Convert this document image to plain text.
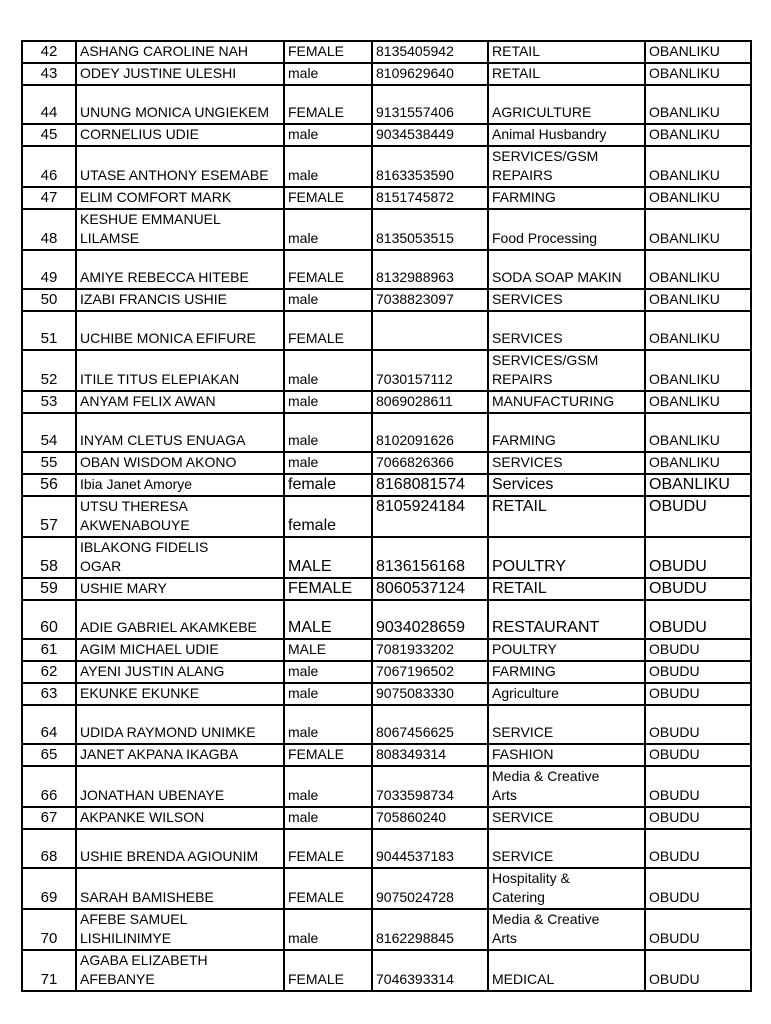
42	ASHANG CAROLINE NAH	FEMALE	8135405942	RETAIL	OBANLIKU
43	ODEY JUSTINE ULESHI	male	8109629640	RETAIL	OBANLIKU
44	UNUNG MONICA UNGIEKEM	FEMALE	9131557406	AGRICULTURE	OBANLIKU
45	CORNELIUS UDIE	male	9034538449	Animal Husbandry	OBANLIKU
46	UTASE ANTHONY ESEMABE	male	8163353590	SERVICES/GSM
REPAIRS	OBANLIKU
47	ELIM COMFORT MARK	FEMALE	8151745872	FARMING	OBANLIKU
48	KESHUE EMMANUEL
LILAMSE	male	8135053515	Food Processing	OBANLIKU
49	AMIYE REBECCA HITEBE	FEMALE	8132988963	SODA SOAP MAKIN	OBANLIKU
50	IZABI FRANCIS USHIE	male	7038823097	SERVICES	OBANLIKU
51	UCHIBE MONICA EFIFURE	FEMALE		SERVICES	OBANLIKU
52	ITILE TITUS ELEPIAKAN	male	7030157112	SERVICES/GSM
REPAIRS	OBANLIKU
53	ANYAM FELIX AWAN	male	8069028611	MANUFACTURING	OBANLIKU
54	INYAM CLETUS ENUAGA	male	8102091626	FARMING	OBANLIKU
55	OBAN WISDOM AKONO	male	7066826366	SERVICES	OBANLIKU
56	Ibia Janet Amorye	female	8168081574	Services	OBANLIKU
57	UTSU THERESA
AKWENABOUYE	female	8105924184	RETAIL	OBUDU
58	IBLAKONG FIDELIS
OGAR	MALE	8136156168	POULTRY	OBUDU
59	USHIE MARY	FEMALE	8060537124	RETAIL	OBUDU
60	ADIE GABRIEL AKAMKEBE	MALE	9034028659	RESTAURANT	OBUDU
61	AGIM MICHAEL UDIE	MALE	7081933202	POULTRY	OBUDU
62	AYENI JUSTIN ALANG	male	7067196502	FARMING	OBUDU
63	EKUNKE EKUNKE	male	9075083330	Agriculture	OBUDU
64	UDIDA RAYMOND UNIMKE	male	8067456625	SERVICE	OBUDU
65	JANET AKPANA IKAGBA	FEMALE	808349314	FASHION	OBUDU
66	JONATHAN UBENAYE	male	7033598734	Media & Creative
Arts	OBUDU
67	AKPANKE WILSON	male	705860240	SERVICE	OBUDU
68	USHIE BRENDA AGIOUNIM	FEMALE	9044537183	SERVICE	OBUDU
69	SARAH BAMISHEBE	FEMALE	9075024728	Hospitality &
Catering	OBUDU
70	AFEBE SAMUEL
LISHILINIMYE	male	8162298845	Media & Creative
Arts	OBUDU
71	AGABA ELIZABETH
AFEBANYE	FEMALE	7046393314	MEDICAL	OBUDU
